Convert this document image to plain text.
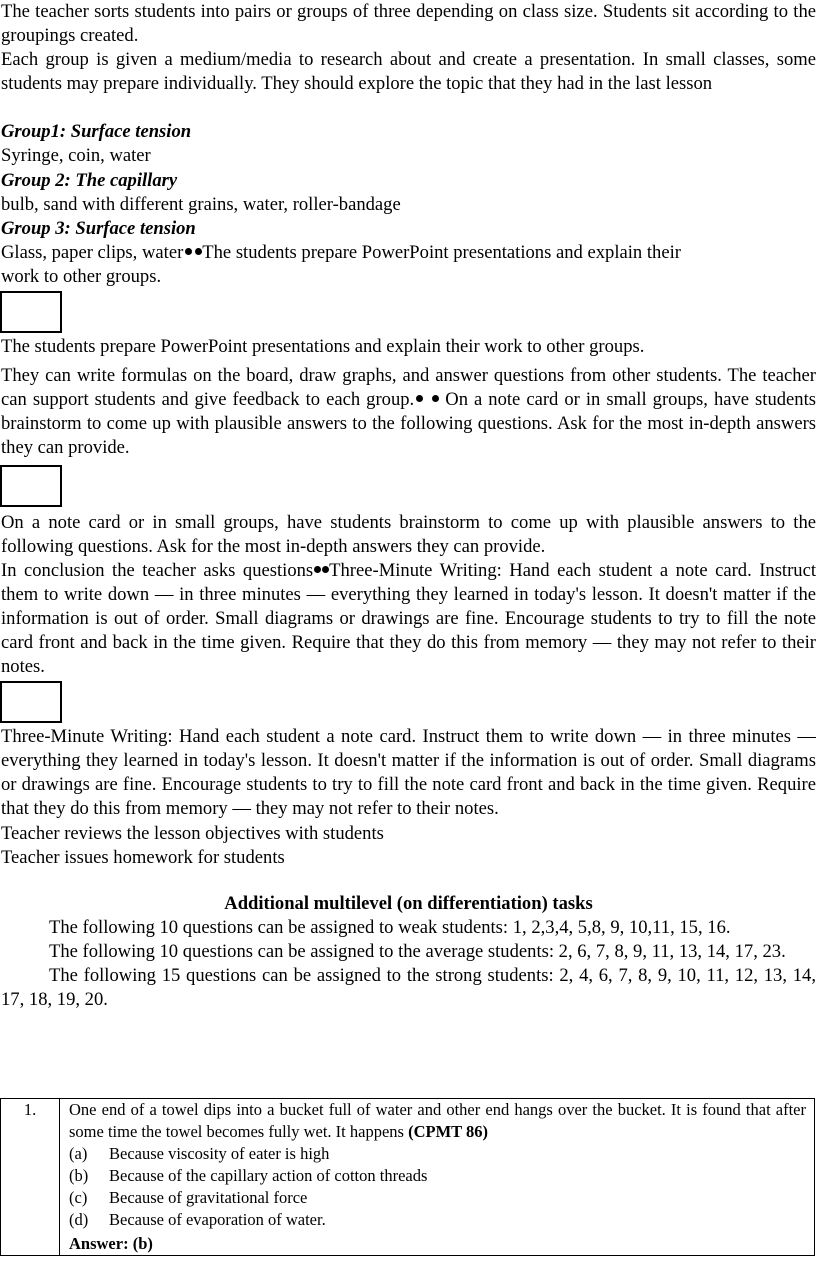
The teacher sorts students into pairs or groups of three depending on class size. Students sit according to the groupings created.

Each group is given a medium/media to research about and create a presentation. In small classes, some students may prepare individually. They should explore the topic that they had in the last lesson

Group1: Surface tension

Syringe, coin, water

Group 2: The capillary

bulb, sand with different grains, water, roller-bandage

Group 3: Surface tension

Glass, paper clips, water The students prepare PowerPoint presentations and explain their

work to other groups.

The students prepare PowerPoint presentations and explain their work to other groups.

They can write formulas on the board, draw graphs, and answer questions from other students. The teacher can support students and give feedback to each group. On a note card or in small groups, have students brainstorm to come up with plausible answers to the following questions. Ask for the most in-depth answers they can provide.

On a note card or in small groups, have students brainstorm to come up with plausible answers to the following questions. Ask for the most in-depth answers they can provide.

In conclusion the teacher asks questions Three-Minute Writing: Hand each student a note card. Instruct them to write down — in three minutes — everything they learned in today's lesson. It doesn't matter if the information is out of order. Small diagrams or drawings are fine. Encourage students to try to fill the note card front and back in the time given. Require that they do this from memory — they may not refer to their notes.

Three-Minute Writing: Hand each student a note card. Instruct them to write down — in three minutes — everything they learned in today's lesson. It doesn't matter if the information is out of order. Small diagrams or drawings are fine. Encourage students to try to fill the note card front and back in the time given. Require that they do this from memory — they may not refer to their notes.

Teacher reviews the lesson objectives with students

Teacher issues homework for students

Additional multilevel (on differentiation) tasks

The following 10 questions can be assigned to weak students: 1, 2,3,4, 5,8, 9, 10,11, 15, 16.

The following 10 questions can be assigned to the average students: 2, 6, 7, 8, 9, 11, 13, 14, 17, 23.

The following 15 questions can be assigned to the strong students: 2, 4, 6, 7, 8, 9, 10, 11, 12, 13, 14, 17, 18, 19, 20.

1.	One end of a towel dips into a bucket full of water and other end hangs over the bucket. It is found that after some time the towel becomes fully wet. It happens (CPMT 86)
(a) Because viscosity of eater is high
(b) Because of the capillary action of cotton threads
(c) Because of gravitational force
(d) Because of evaporation of water.
Answer: (b)
